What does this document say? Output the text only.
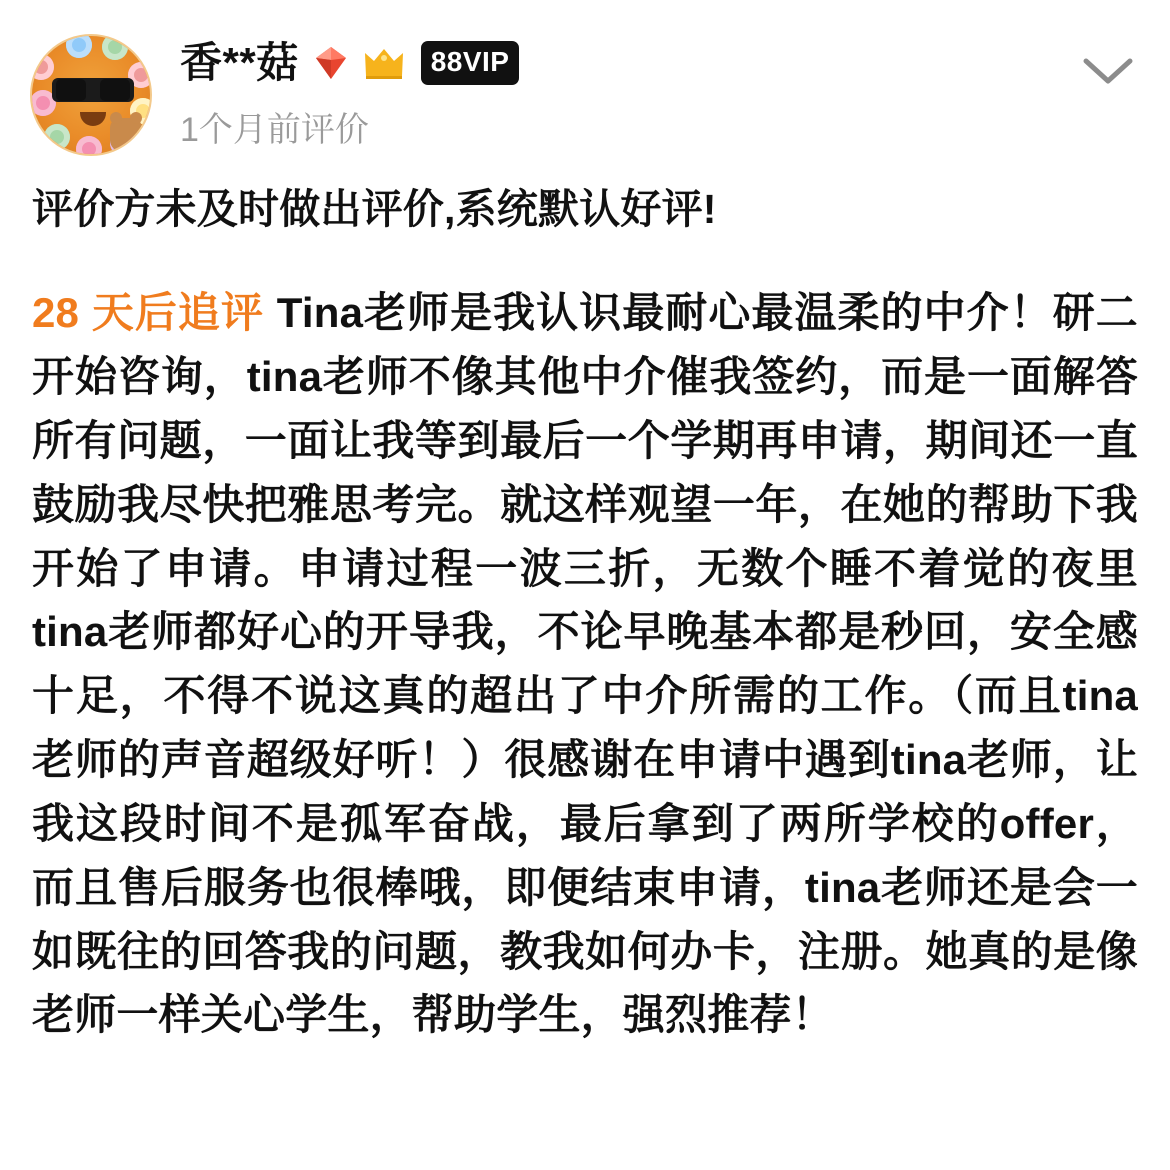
香**菇	88VIP
1个月前评价
评价方未及时做出评价,系统默认好评!
28 天后追评 Tina老师是我认识最耐心最温柔的中介！研二开始咨询，tina老师不像其他中介催我签约，而是一面解答所有问题，一面让我等到最后一个学期再申请，期间还一直鼓励我尽快把雅思考完。就这样观望一年，在她的帮助下我开始了申请。申请过程一波三折，无数个睡不着觉的夜里tina老师都好心的开导我，不论早晚基本都是秒回，安全感十足，不得不说这真的超出了中介所需的工作。（而且tina老师的声音超级好听！）很感谢在申请中遇到tina老师，让我这段时间不是孤军奋战，最后拿到了两所学校的offer，而且售后服务也很棒哦，即便结束申请，tina老师还是会一如既往的回答我的问题，教我如何办卡，注册。她真的是像老师一样关心学生，帮助学生，强烈推荐！
